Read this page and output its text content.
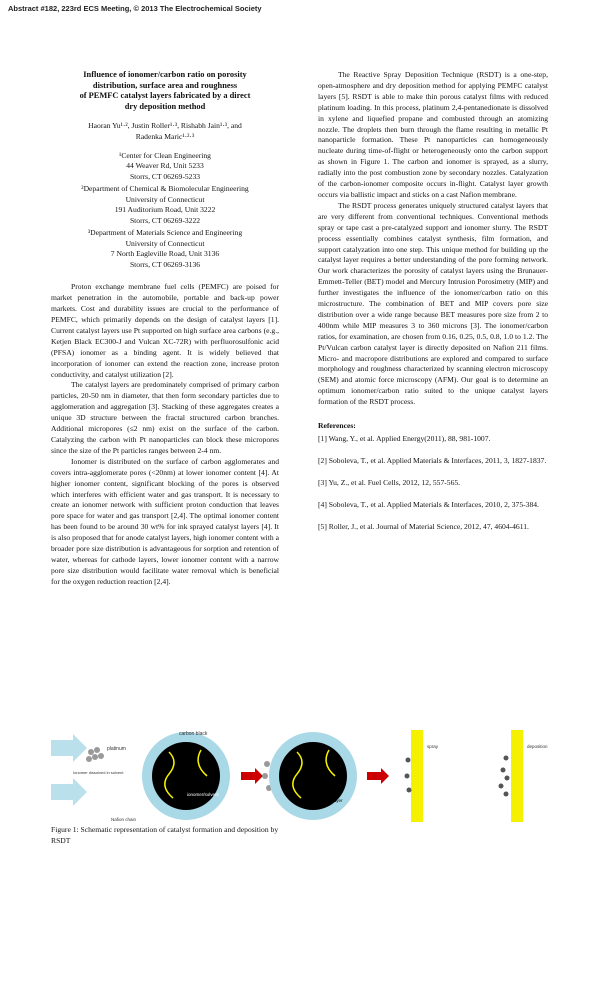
Abstract #182, 223rd ECS Meeting, © 2013 The Electrochemical Society
Influence of ionomer/carbon ratio on porosity
distribution, surface area and roughness
of PEMFC catalyst layers fabricated by a direct
dry deposition method
Haoran Yu¹·², Justin Roller¹·³, Rishabh Jain¹·³, and
Radenka Maric¹·²·³
¹Center for Clean Engineering
44 Weaver Rd, Unit 5233
Storrs, CT 06269-5233
²Department of Chemical & Biomolecular Engineering
University of Connecticut
191 Auditorium Road, Unit 3222
Storrs, CT 06269-3222
³Department of Materials Science and Engineering
University of Connecticut
7 North Eagleville Road, Unit 3136
Storrs, CT 06269-3136

Proton exchange membrane fuel cells (PEMFC) are poised for market penetration in the automobile, portable and back-up power markets. Cost and durability issues are crucial to the performance of PEMFC, which primarily depends on the design of catalyst layers [1]. Current catalyst layers use Pt supported on high surface area carbons (e.g., Ketjen Black EC300-J and Vulcan XC-72R) with perfluorosulfonic acid (PFSA) ionomer as a binding agent. It is widely believed that incorporation of ionomer can extend the reaction zone, increase proton conductivity, and catalyst utilization [2].

The catalyst layers are predominately comprised of primary carbon particles, 20-50 nm in diameter, that then form secondary particles due to agglomeration and aggregation [3]. Stacking of these aggregates creates a unique 3D structure between the fractal structured carbon branches. Additional micropores (≤2 nm) exist on the surface of the carbon. Catalyzing the carbon with Pt nanoparticles can block these micropores since the size of the Pt particles ranges between 2-4 nm.

Ionomer is distributed on the surface of carbon agglomerates and covers intra-agglomerate pores (<20nm) at lower ionomer content [4]. At higher ionomer content, significant blocking of the pores is observed which interferes with efficient water and gas transport. It is necessary to create an ionomer network with sufficient proton conduction that leaves pore space for water and gas transport [2,4]. The optimal ionomer content has been found to be around 30 wt% for ink sprayed catalyst layers [4]. It is also proposed that for anode catalyst layers, high ionomer content with a broader pore size distribution is advantageous for sorption and retention of water, whereas for cathode layers, lower ionomer content with a narrow pore size distribution would facilitate water removal which is beneficial for the oxygen reduction reaction [2,4].

The Reactive Spray Deposition Technique (RSDT) is a one-step, open-atmosphere and dry deposition method for applying PEMFC catalyst layers [5]. RSDT is able to make thin porous catalyst films with reduced platinum loading. In this process, platinum 2,4-pentanedionate is dissolved in xylene and liquefied propane and combusted through an atomizing nozzle. The droplets then burn through the flame resulting in metallic Pt nanoparticle formation. These Pt nanoparticles can homogeneously nucleate during time-of-flight or heterogeneously onto the carbon support as shown in Figure 1. The carbon and ionomer is sprayed, as a slurry, radially into the post combustion zone by secondary nozzles. Catalyzation of the carbon-ionomer composite occurs in-flight. Catalyst layer growth occurs via ballistic impact and sticks on a cast Nafion membrane.

The RSDT process generates uniquely structured catalyst layers that are very different from conventional techniques. Conventional methods spray or tape cast a pre-catalyzed support and ionomer slurry. The RSDT process essentially combines catalyst synthesis, film formation, and support catalyzation into one step. This unique method for building up the catalyst layer requires a better understanding of the pore forming network. Our work characterizes the porosity of catalyst layers using the Brunauer-Emmett-Teller (BET) model and Mercury Intrusion Porosimetry (MIP) and further investigates the influence of the ionomer/carbon ratio on this microstructure. The combination of BET and MIP covers pore size distribution over a wide range because BET measures pore size from 2 to 400nm while MIP measures 3 to 360 microns [3]. The ionomer/carbon ratios, for examination, are chosen from 0.16, 0.25, 0.5, 0.8, 1.0 to 1.2. The Pt/Vulcan carbon catalyst layer is directly deposited on Nafion 211 films. Micro- and macropore distributions are explored and compared to surface morphology and roughness characterized by scanning electron microscopy (SEM) and atomic force microscopy (AFM). Our goal is to determine an optimum ionomer/carbon ratio suited to the unique catalyst layers formation of the RSDT process.

References:
[1] Wang, Y., et al. Applied Energy(2011), 88, 981-1007.
[2] Soboleva, T., et al. Applied Materials & Interfaces, 2011, 3, 1827-1837.
[3] Yu, Z., et al. Fuel Cells, 2012, 12, 557-565.
[4] Soboleva, T., et al. Applied Materials & Interfaces, 2010, 2, 375-384.
[5] Roller, J., et al. Journal of Material Science, 2012, 47, 4604-4611.
platinum
Ionomer dissolved in solvent
carbon black
ionomer/solvent
Nafion chain
Ionomer layer
spray	deposition
Figure 1: Schematic representation of catalyst formation and deposition by RSDT
